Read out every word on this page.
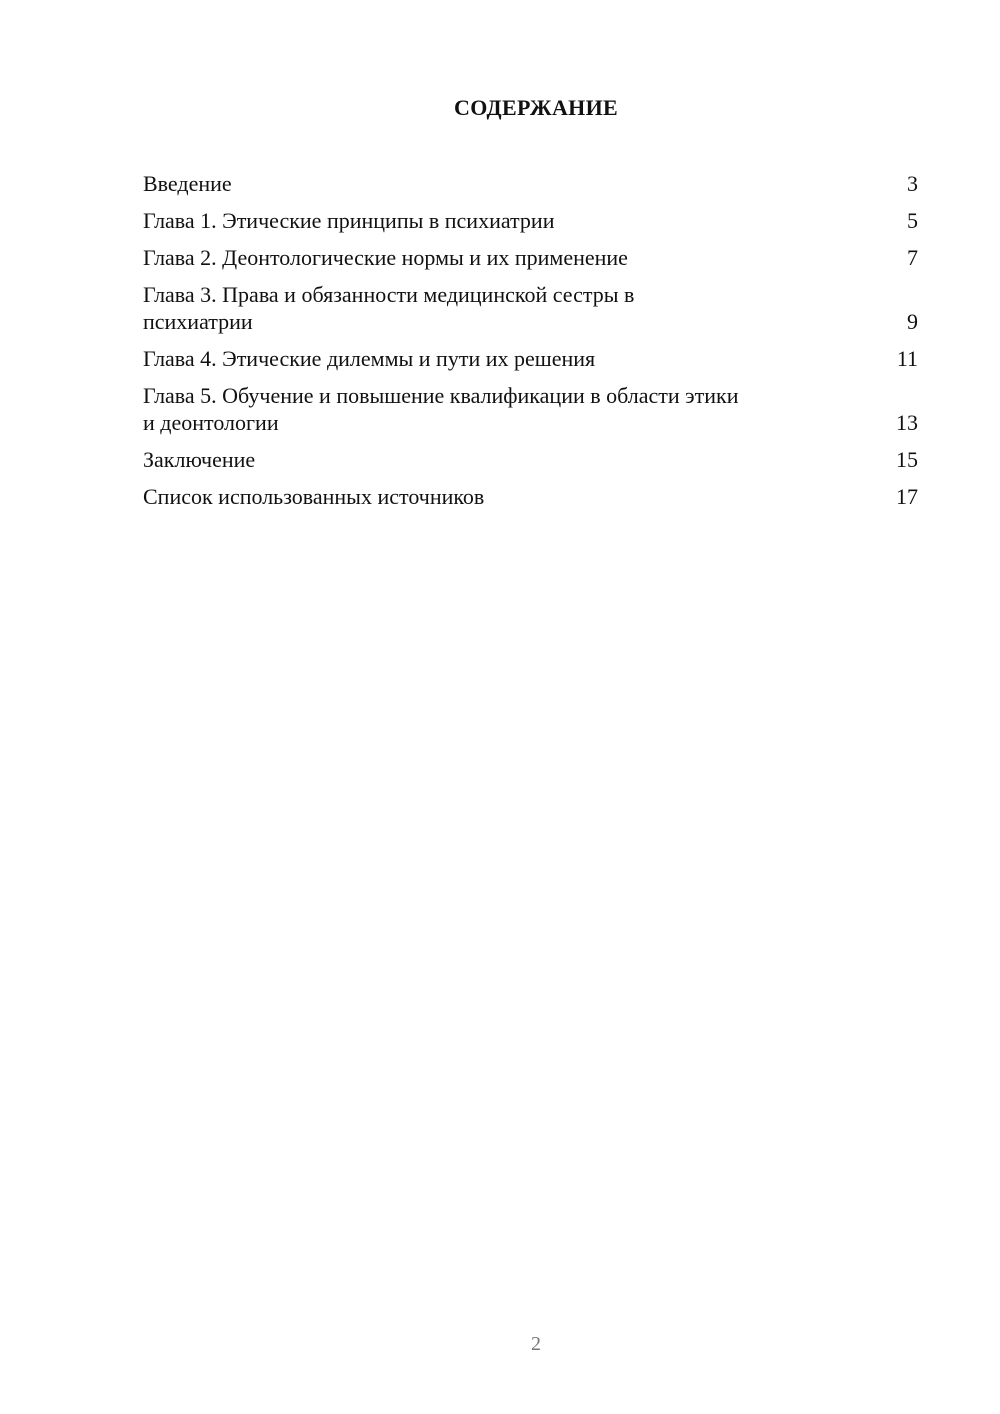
СОДЕРЖАНИЕ
Введение	3
Глава 1. Этические принципы в психиатрии	5
Глава 2. Деонтологические нормы и их применение	7
Глава 3. Права и обязанности медицинской сестры в
психиатрии	9
Глава 4. Этические дилеммы и пути их решения	11
Глава 5. Обучение и повышение квалификации в области этики
и деонтологии	13
Заключение	15
Список использованных источников	17
2
